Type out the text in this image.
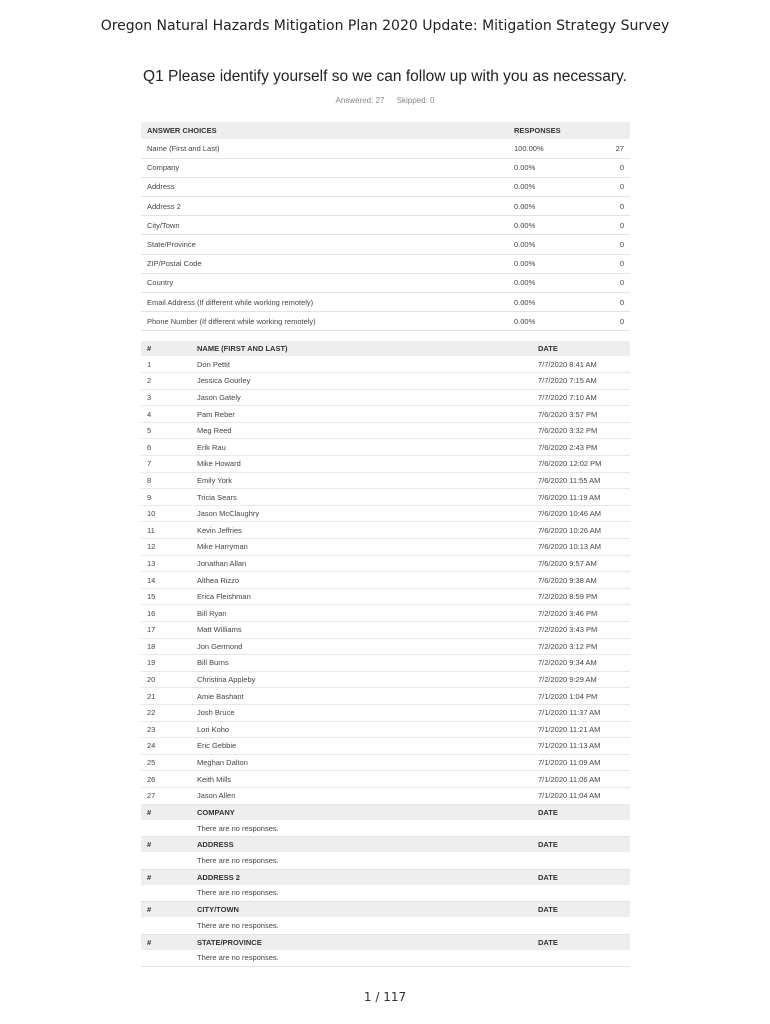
Oregon Natural Hazards Mitigation Plan 2020 Update: Mitigation Strategy Survey
Q1 Please identify yourself so we can follow up with you as necessary.
Answered: 27 Skipped: 0
ANSWER CHOICES	RESPONSES	
Name (First and Last)	100.00%	27
Company	0.00%	0
Address	0.00%	0
Address 2	0.00%	0
City/Town	0.00%	0
State/Province	0.00%	0
ZIP/Postal Code	0.00%	0
Country	0.00%	0
Email Address (If different while working remotely)	0.00%	0
Phone Number (If different while working remotely)	0.00%	0
#	NAME (FIRST AND LAST)	DATE
1	Don Pettit	7/7/2020 8:41 AM
2	Jessica Gourley	7/7/2020 7:15 AM
3	Jason Gately	7/7/2020 7:10 AM
4	Pam Reber	7/6/2020 3:57 PM
5	Meg Reed	7/6/2020 3:32 PM
6	Erik Rau	7/6/2020 2:43 PM
7	Mike Howard	7/6/2020 12:02 PM
8	Emily York	7/6/2020 11:55 AM
9	Tricia Sears	7/6/2020 11:19 AM
10	Jason McClaughry	7/6/2020 10:46 AM
11	Kevin Jeffries	7/6/2020 10:26 AM
12	Mike Harryman	7/6/2020 10:13 AM
13	Jonathan Allan	7/6/2020 9:57 AM
14	Althea Rizzo	7/6/2020 9:38 AM
15	Erica Fleishman	7/2/2020 8:59 PM
16	Bill Ryan	7/2/2020 3:46 PM
17	Matt Williams	7/2/2020 3:43 PM
18	Jon Germond	7/2/2020 3:12 PM
19	Bill Burns	7/2/2020 9:34 AM
20	Christina Appleby	7/2/2020 9:29 AM
21	Amie Bashant	7/1/2020 1:04 PM
22	Josh Bruce	7/1/2020 11:37 AM
23	Lori Koho	7/1/2020 11:21 AM
24	Eric Gebbie	7/1/2020 11:13 AM
25	Meghan Dalton	7/1/2020 11:09 AM
26	Keith Mills	7/1/2020 11:06 AM
27	Jason Allen	7/1/2020 11:04 AM
#	COMPANY	DATE
	There are no responses.	
#	ADDRESS	DATE
	There are no responses.	
#	ADDRESS 2	DATE
	There are no responses.	
#	CITY/TOWN	DATE
	There are no responses.	
#	STATE/PROVINCE	DATE
	There are no responses.	
1 / 117
